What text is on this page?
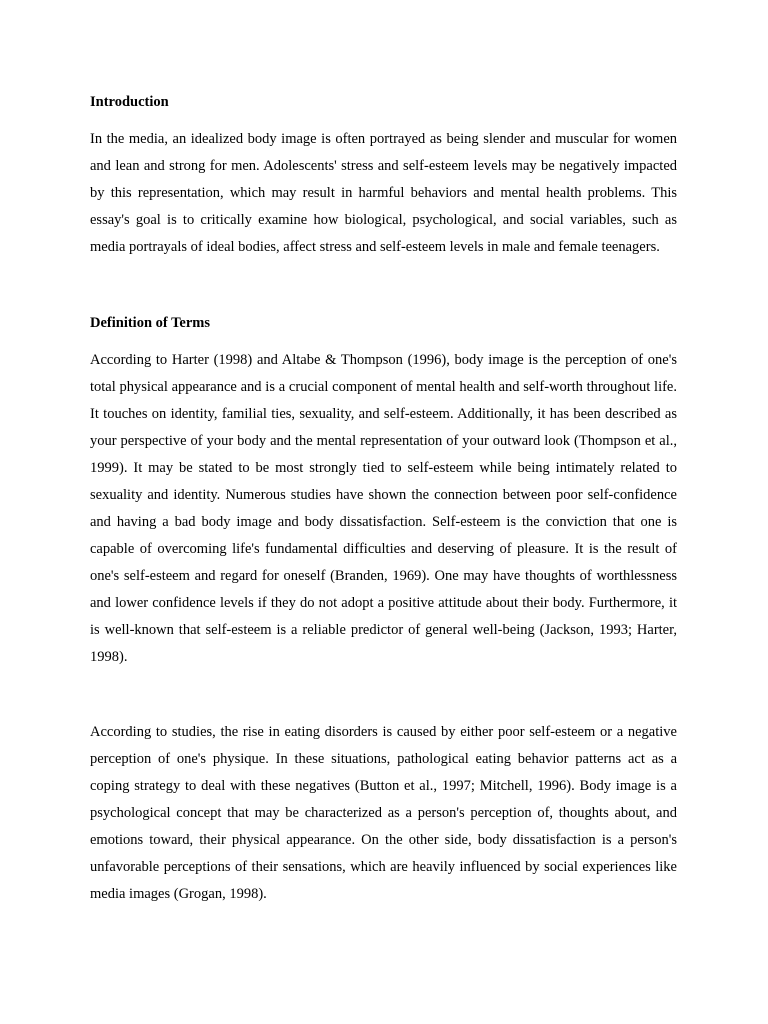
Introduction

In the media, an idealized body image is often portrayed as being slender and muscular for women and lean and strong for men. Adolescents' stress and self-esteem levels may be negatively impacted by this representation, which may result in harmful behaviors and mental health problems. This essay's goal is to critically examine how biological, psychological, and social variables, such as media portrayals of ideal bodies, affect stress and self-esteem levels in male and female teenagers.

Definition of Terms

According to Harter (1998) and Altabe & Thompson (1996), body image is the perception of one's total physical appearance and is a crucial component of mental health and self-worth throughout life. It touches on identity, familial ties, sexuality, and self-esteem. Additionally, it has been described as your perspective of your body and the mental representation of your outward look (Thompson et al., 1999). It may be stated to be most strongly tied to self-esteem while being intimately related to sexuality and identity. Numerous studies have shown the connection between poor self-confidence and having a bad body image and body dissatisfaction. Self-esteem is the conviction that one is capable of overcoming life's fundamental difficulties and deserving of pleasure. It is the result of one's self-esteem and regard for oneself (Branden, 1969). One may have thoughts of worthlessness and lower confidence levels if they do not adopt a positive attitude about their body. Furthermore, it is well-known that self-esteem is a reliable predictor of general well-being (Jackson, 1993; Harter, 1998).

According to studies, the rise in eating disorders is caused by either poor self-esteem or a negative perception of one's physique. In these situations, pathological eating behavior patterns act as a coping strategy to deal with these negatives (Button et al., 1997; Mitchell, 1996). Body image is a psychological concept that may be characterized as a person's perception of, thoughts about, and emotions toward, their physical appearance. On the other side, body dissatisfaction is a person's unfavorable perceptions of their sensations, which are heavily influenced by social experiences like media images (Grogan, 1998).
